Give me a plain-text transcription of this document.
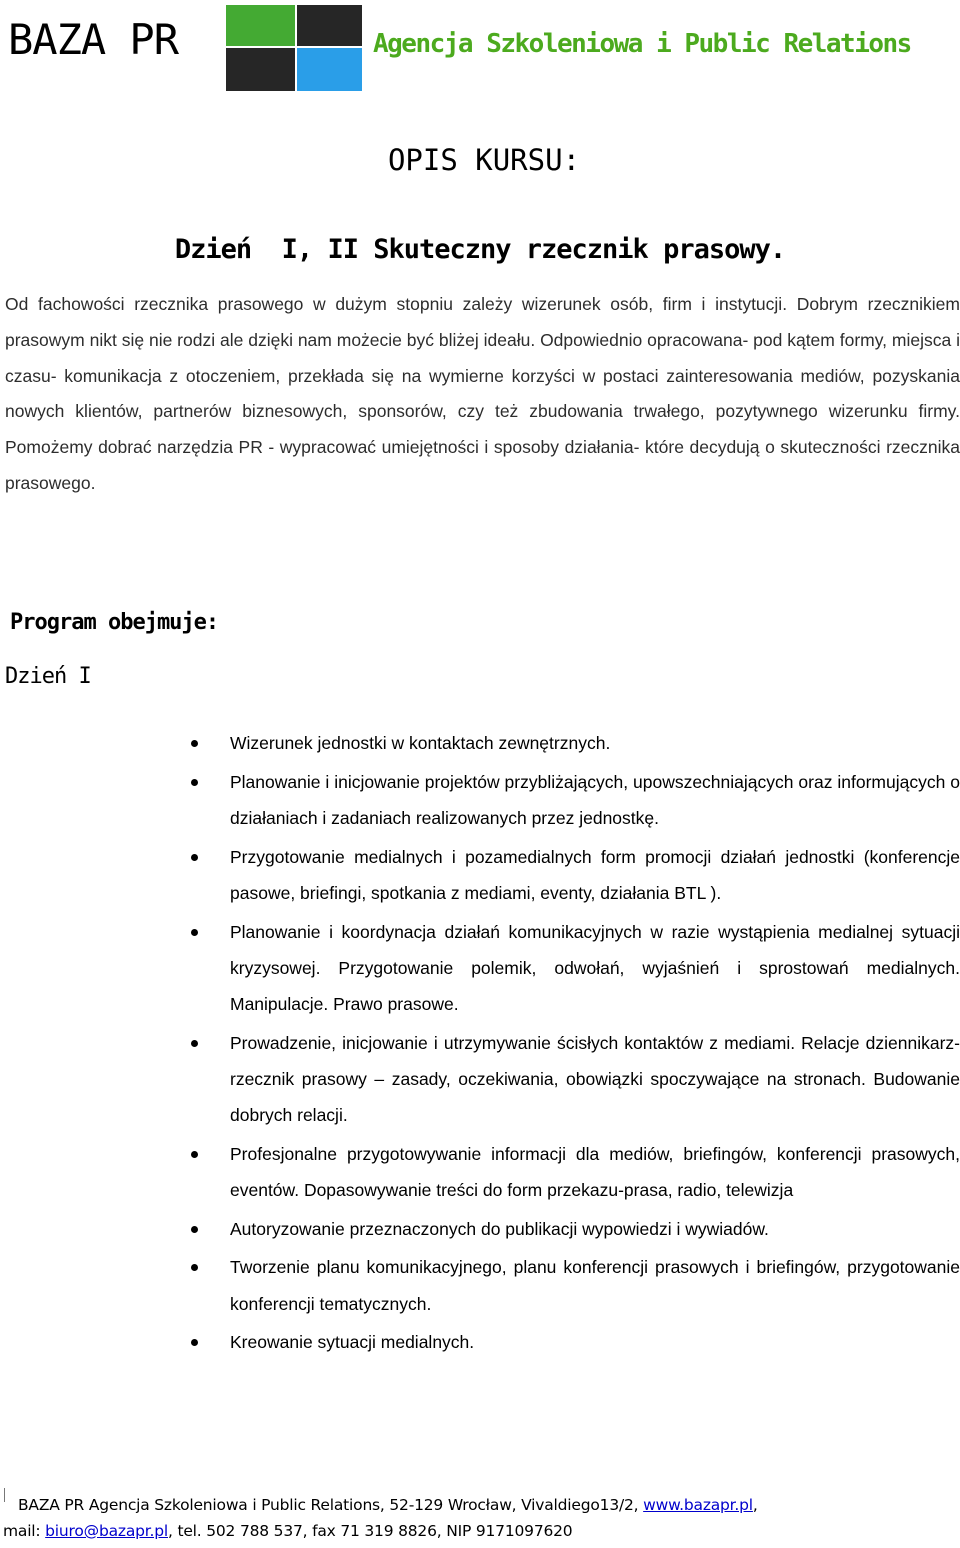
BAZA PR	Agencja Szkoleniowa i Public Relations
OPIS KURSU:
Dzień  I, II Skuteczny rzecznik prasowy.

Od fachowości rzecznika prasowego w dużym stopniu zależy wizerunek osób, firm i instytucji. Dobrym rzecznikiem prasowym nikt się nie rodzi ale dzięki nam możecie być bliżej ideału. Odpowiednio opracowana- pod kątem formy, miejsca i czasu- komunikacja z otoczeniem, przekłada się na wymierne korzyści w postaci zainteresowania mediów, pozyskania nowych klientów, partnerów biznesowych, sponsorów, czy też zbudowania trwałego, pozytywnego wizerunku firmy. Pomożemy dobrać narzędzia PR - wypracować umiejętności i sposoby działania- które decydują o skuteczności rzecznika prasowego.

Program obejmuje:
Dzień I
Wizerunek jednostki w kontaktach zewnętrznych.
Planowanie i inicjowanie projektów przybliżających, upowszechniających oraz informujących o działaniach i zadaniach realizowanych przez jednostkę.
Przygotowanie medialnych i pozamedialnych form promocji działań jednostki (konferencje pasowe, briefingi, spotkania z mediami, eventy, działania BTL ).
Planowanie i koordynacja działań komunikacyjnych w razie wystąpienia medialnej sytuacji kryzysowej. Przygotowanie polemik, odwołań, wyjaśnień i sprostowań medialnych. Manipulacje. Prawo prasowe.
Prowadzenie, inicjowanie i utrzymywanie ścisłych kontaktów z mediami. Relacje dziennikarz-rzecznik prasowy – zasady, oczekiwania, obowiązki spoczywające na stronach. Budowanie dobrych relacji.
Profesjonalne przygotowywanie informacji dla mediów, briefingów, konferencji prasowych, eventów. Dopasowywanie treści do form przekazu-prasa, radio, telewizja
Autoryzowanie przeznaczonych do publikacji wypowiedzi i wywiadów.
Tworzenie planu komunikacyjnego, planu konferencji prasowych i briefingów, przygotowanie konferencji tematycznych.
Kreowanie sytuacji medialnych.
BAZA PR Agencja Szkoleniowa i Public Relations, 52-129 Wrocław, Vivaldiego13/2, www.bazapr.pl,
mail: biuro@bazapr.pl, tel. 502 788 537, fax 71 319 8826, NIP 9171097620
